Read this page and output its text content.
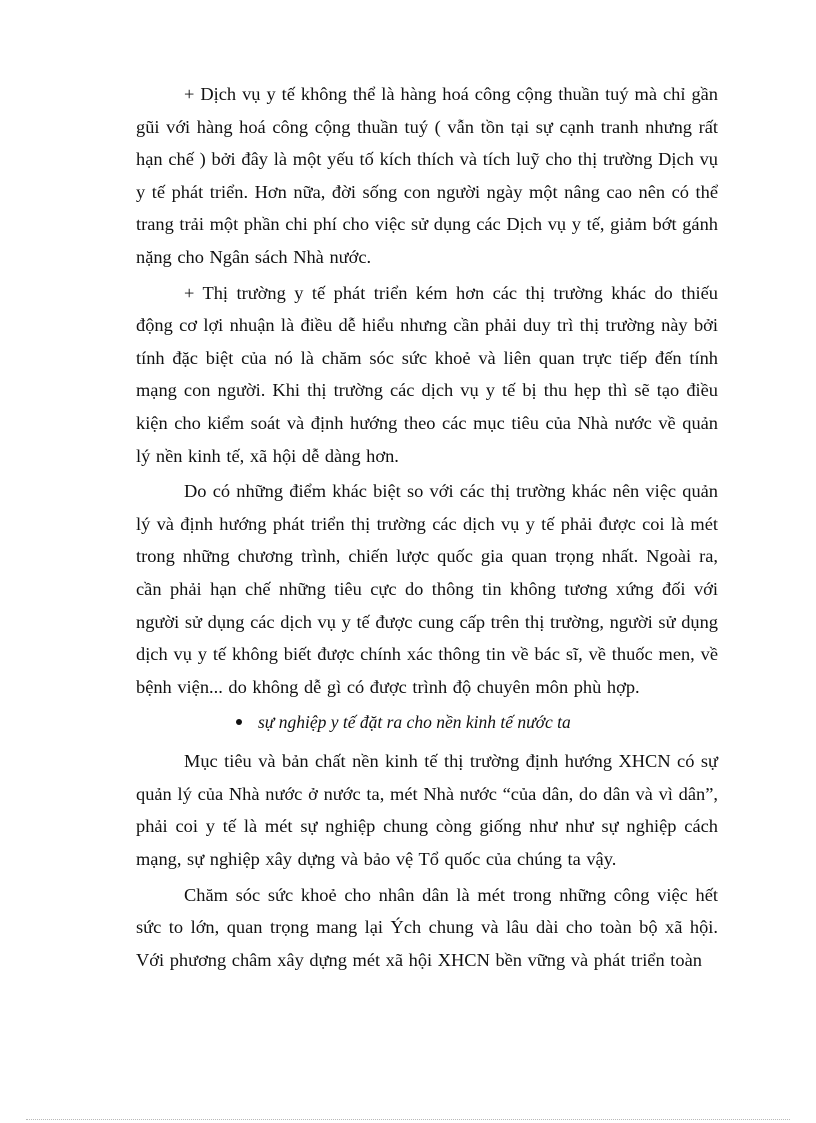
+ Dịch vụ y tế không thể là hàng hoá công cộng thuần tuý mà chỉ gần gũi với hàng hoá công cộng thuần tuý ( vẫn tồn tại sự cạnh tranh nhưng rất hạn chế ) bởi đây là một yếu tố kích thích và tích luỹ cho thị trường Dịch vụ y tế phát triển. Hơn nữa, đời sống con người ngày một nâng cao nên có thể trang trải một phần chi phí cho việc sử dụng các Dịch vụ y tế, giảm bớt gánh nặng cho Ngân sách Nhà nước.

+ Thị trường y tế phát triển kém hơn các thị trường khác do thiếu động cơ lợi nhuận là điều dễ hiểu nhưng cần phải duy trì thị trường này bởi tính đặc biệt của nó là chăm sóc sức khoẻ và liên quan trực tiếp đến tính mạng con người. Khi thị trường các dịch vụ y tế bị thu hẹp thì sẽ tạo điều kiện cho kiểm soát và định hướng theo các mục tiêu của Nhà nước về quản lý nền kinh tế, xã hội dễ dàng hơn.

Do có những điểm khác biệt so với các thị trường khác nên việc quản lý và định hướng phát triển thị trường các dịch vụ y tế phải được coi là mét trong những chương trình, chiến lược quốc gia quan trọng nhất. Ngoài ra, cần phải hạn chế những tiêu cực do thông tin không tương xứng đối với người sử dụng các dịch vụ y tế được cung cấp trên thị trường, người sử dụng dịch vụ y tế không biết được chính xác thông tin về bác sĩ, về thuốc men, về bệnh viện... do không dễ gì có được trình độ chuyên môn phù hợp.

sự nghiệp y tế đặt ra cho nền kinh tế nước ta

Mục tiêu và bản chất nền kinh tế thị trường định hướng XHCN có sự quản lý của Nhà nước ở nước ta, mét Nhà nước “của dân, do dân và vì dân”, phải coi y tế là mét sự nghiệp chung còng giống như như sự nghiệp cách mạng, sự nghiệp xây dựng và bảo vệ Tổ quốc của chúng ta vậy.

Chăm sóc sức khoẻ cho nhân dân là mét trong những công việc hết sức to lớn, quan trọng mang lại Ých chung và lâu dài cho toàn bộ xã hội. Với phương châm xây dựng mét xã hội XHCN bền vững và phát triển toàn
